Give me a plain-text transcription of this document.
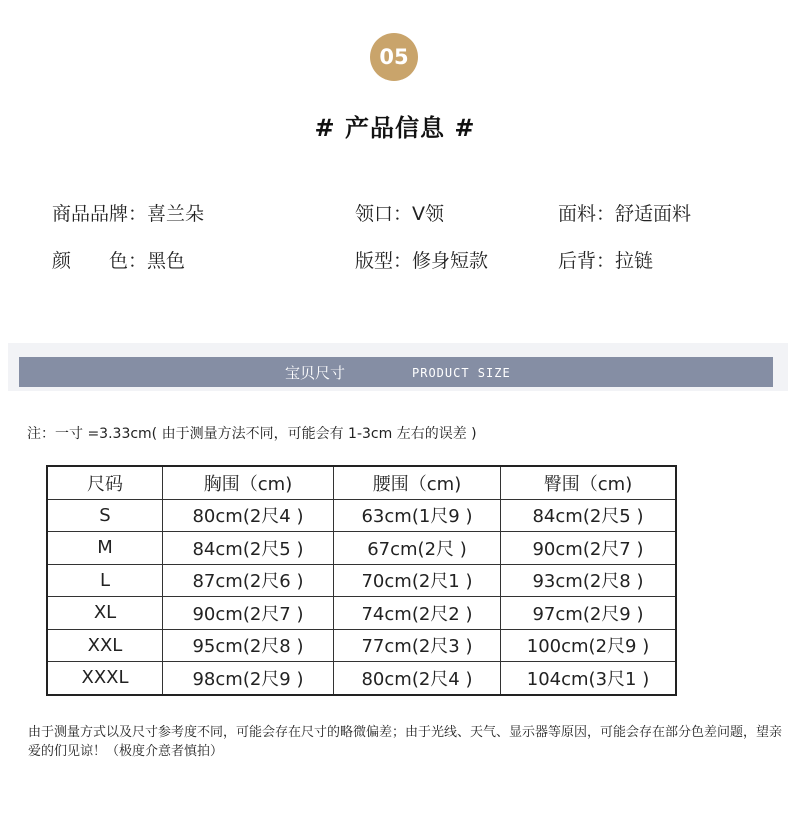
05
# 产品信息 #
商品品牌：喜兰朵	领口：V领	面料：舒适面料
颜　　色：黑色	版型：修身短款	后背：拉链
宝贝尺寸	PRODUCT SIZE
注：一寸 =3.33cm( 由于测量方法不同，可能会有 1-3cm 左右的误差 )
尺码	胸围（cm)	腰围（cm)	臀围（cm)
S	80cm(2尺4 )	63cm(1尺9 )	84cm(2尺5 )
M	84cm(2尺5 )	67cm(2尺 )	90cm(2尺7 )
L	87cm(2尺6 )	70cm(2尺1 )	93cm(2尺8 )
XL	90cm(2尺7 )	74cm(2尺2 )	97cm(2尺9 )
XXL	95cm(2尺8 )	77cm(2尺3 )	100cm(2尺9 )
XXXL	98cm(2尺9 )	80cm(2尺4 )	104cm(3尺1 )
由于测量方式以及尺寸参考度不同，可能会存在尺寸的略微偏差；由于光线、天气、显示器等原因，可能会存在部分色差问题，望亲爱的们见谅！（极度介意者慎拍）
